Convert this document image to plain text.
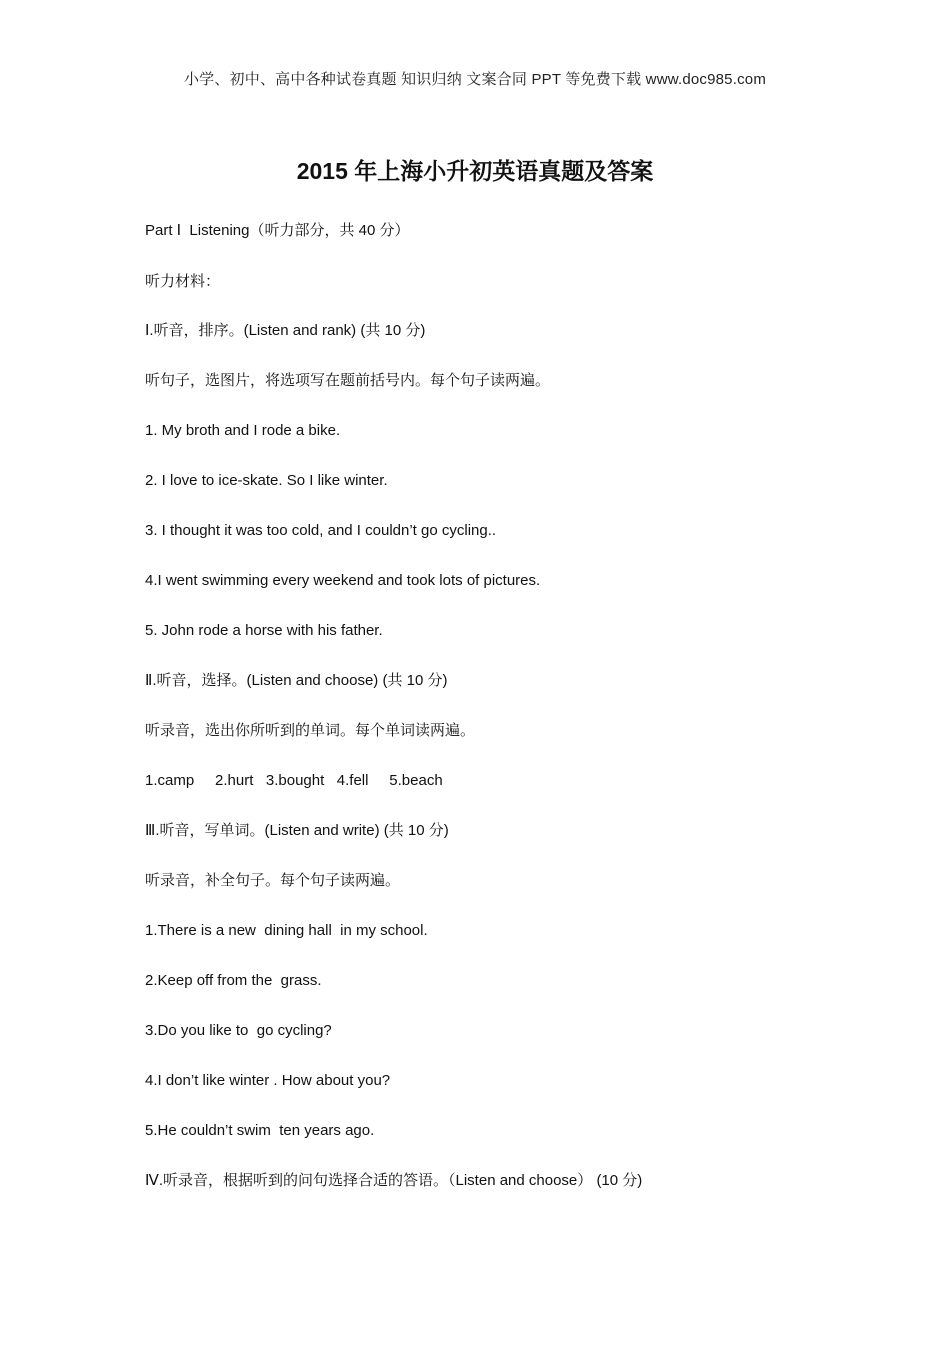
小学、初中、高中各种试卷真题 知识归纳 文案合同 PPT 等免费下载 www.doc985.com
2015 年上海小升初英语真题及答案
Part Ⅰ  Listening（听力部分，共 40 分）
听力材料：
Ⅰ.听音，排序。(Listen and rank) (共 10 分)
听句子，选图片，将选项写在题前括号内。每个句子读两遍。
1. My broth and I rode a bike.
2. I love to ice-skate. So I like winter.
3. I thought it was too cold, and I couldn’t go cycling..
4.I went swimming every weekend and took lots of pictures.
5. John rode a horse with his father.
Ⅱ.听音，选择。(Listen and choose) (共 10 分)
听录音，选出你所听到的单词。每个单词读两遍。
1.camp     2.hurt   3.bought   4.fell     5.beach
Ⅲ.听音，写单词。(Listen and write) (共 10 分)
听录音，补全句子。每个句子读两遍。
1.There is a new  dining hall  in my school.
2.Keep off from the  grass.
3.Do you like to  go cycling?
4.I don’t like winter . How about you?
5.He couldn’t swim  ten years ago.
Ⅳ.听录音，根据听到的问句选择合适的答语。（Listen and choose） (10 分)
